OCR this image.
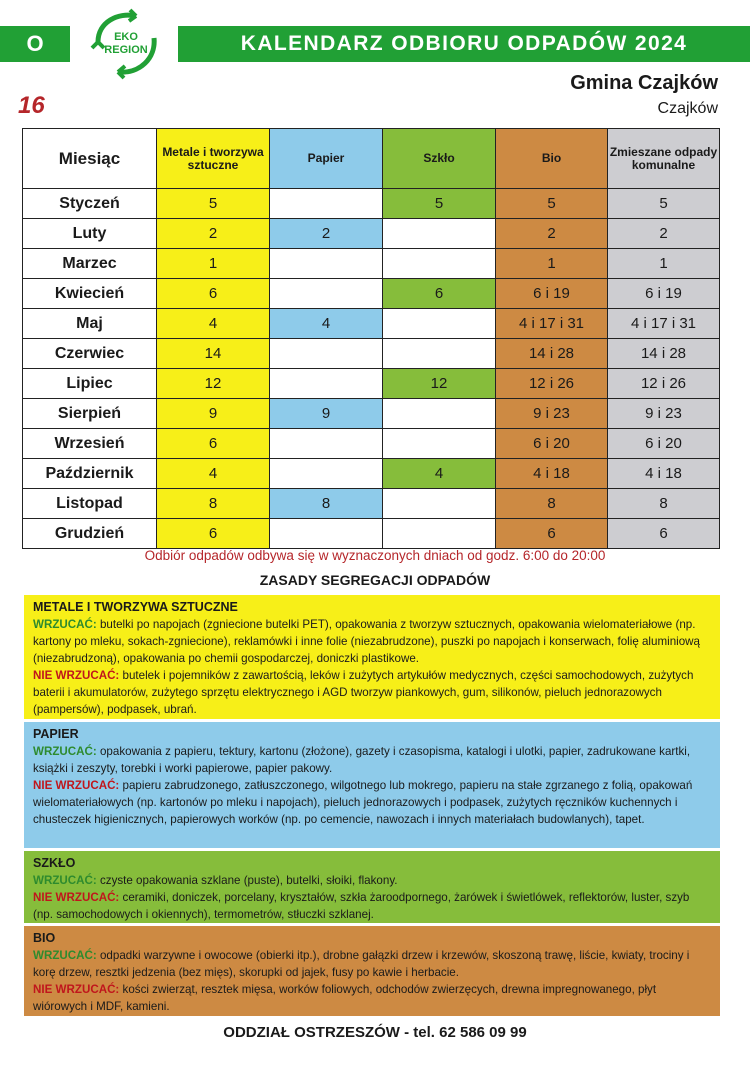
O	KALENDARZ ODBIORU ODPADÓW 2024
EKO
REGION
Gmina Czajków
Czajków
16
Miesiąc	Metale i tworzywa sztuczne	Papier	Szkło	Bio	Zmieszane odpady komunalne
Styczeń	5		5	5	5
Luty	2	2		2	2
Marzec	1			1	1
Kwiecień	6		6	6 i 19	6 i 19
Maj	4	4		4 i 17 i 31	4 i 17 i 31
Czerwiec	14			14 i 28	14 i 28
Lipiec	12		12	12 i 26	12 i 26
Sierpień	9	9		9 i 23	9 i 23
Wrzesień	6			6 i 20	6 i 20
Październik	4		4	4 i 18	4 i 18
Listopad	8	8		8	8
Grudzień	6			6	6
Odbiór odpadów odbywa się w wyznaczonych dniach od godz. 6:00 do 20:00
ZASADY SEGREGACJI ODPADÓW
METALE I TWORZYWA SZTUCZNE
WRZUCAĆ: butelki po napojach (zgniecione butelki PET), opakowania z tworzyw sztucznych, opakowania wielomateriałowe (np. kartony po mleku, sokach-zgniecione), reklamówki i inne folie (niezabrudzone), puszki po napojach i konserwach, folię aluminiową (niezabrudzoną), opakowania po chemii gospodarczej, doniczki plastikowe.
NIE WRZUCAĆ: butelek i pojemników z zawartością, leków i zużytych artykułów medycznych, części samochodowych, zużytych baterii i akumulatorów, zużytego sprzętu elektrycznego i AGD tworzyw piankowych, gum, silikonów, pieluch jednorazowych (pampersów), podpasek, ubrań.
PAPIER
WRZUCAĆ: opakowania z papieru, tektury, kartonu (złożone), gazety i czasopisma, katalogi i ulotki, papier, zadrukowane kartki, książki i zeszyty, torebki i worki papierowe, papier pakowy.
NIE WRZUCAĆ: papieru zabrudzonego, zatłuszczonego, wilgotnego lub mokrego, papieru na stałe zgrzanego z folią, opakowań wielomateriałowych (np. kartonów po mleku i napojach), pieluch jednorazowych i podpasek, zużytych ręczników kuchennych i chusteczek higienicznych, papierowych worków (np. po cemencie, nawozach i innych materiałach budowlanych), tapet.
SZKŁO
WRZUCAĆ: czyste opakowania szklane (puste), butelki, słoiki, flakony.
NIE WRZUCAĆ: ceramiki, doniczek, porcelany, kryształów, szkła żaroodpornego, żarówek i świetlówek, reflektorów, luster, szyb (np. samochodowych i okiennych), termometrów, stłuczki szklanej.
BIO
WRZUCAĆ: odpadki warzywne i owocowe (obierki itp.), drobne gałązki drzew i krzewów, skoszoną trawę, liście, kwiaty, trociny i korę drzew, resztki jedzenia (bez mięs), skorupki od jajek, fusy po kawie i herbacie.
NIE WRZUCAĆ: kości zwierząt, resztek mięsa, worków foliowych, odchodów zwierzęcych, drewna impregnowanego, płyt wiórowych i MDF, kamieni.
ODDZIAŁ OSTRZESZÓW - tel. 62 586 09 99
